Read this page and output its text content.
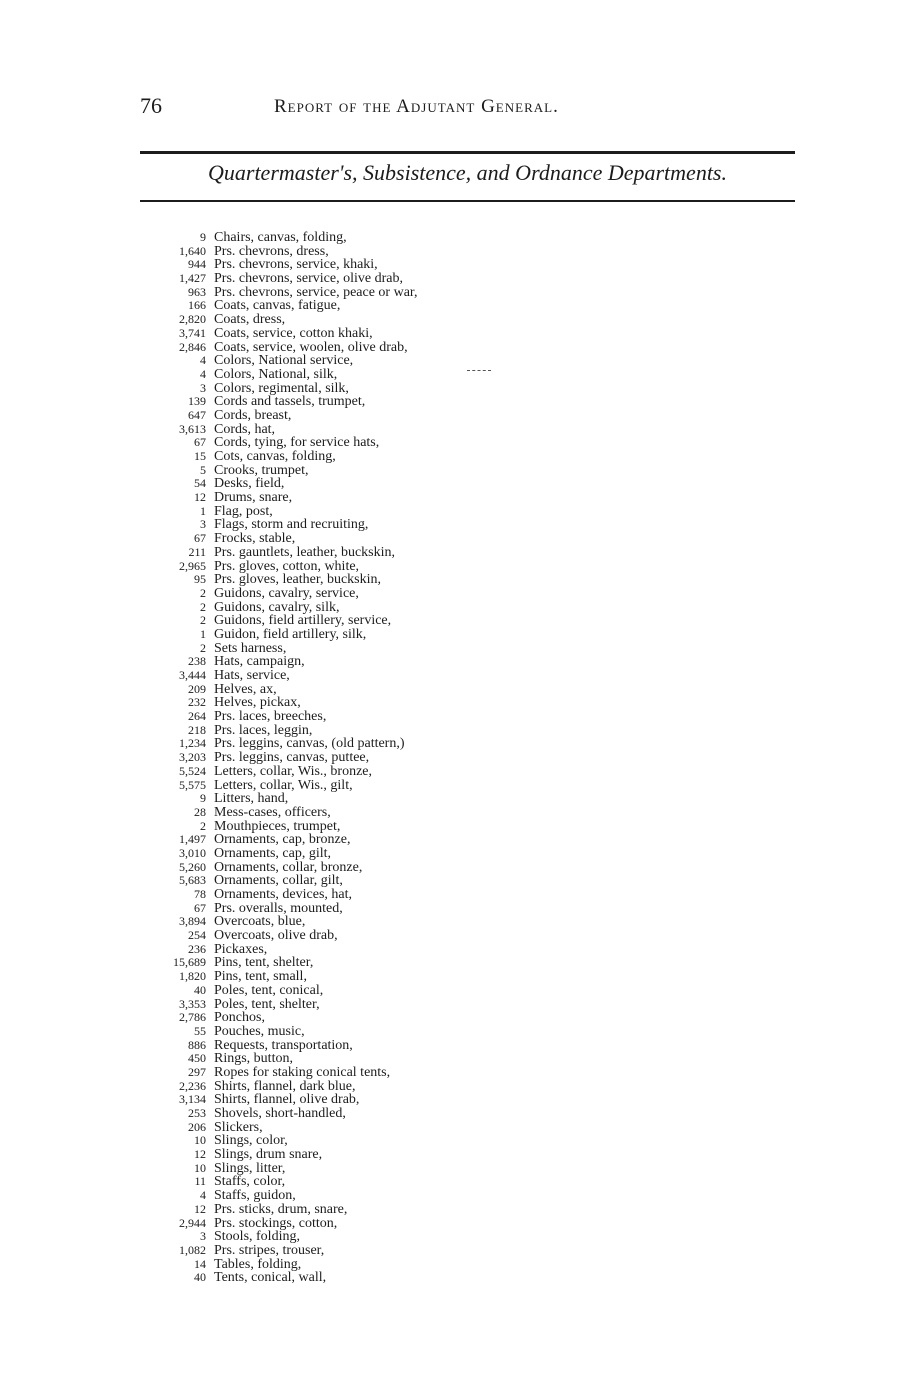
76	Report of the Adjutant General.
Quartermaster's, Subsistence, and Ordnance Departments.
9 Chairs, canvas, folding,
1,640 Prs. chevrons, dress,
944 Prs. chevrons, service, khaki,
1,427 Prs. chevrons, service, olive drab,
963 Prs. chevrons, service, peace or war,
166 Coats, canvas, fatigue,
2,820 Coats, dress,
3,741 Coats, service, cotton khaki,
2,846 Coats, service, woolen, olive drab,
4 Colors, National service,
4 Colors, National, silk,
3 Colors, regimental, silk,
139 Cords and tassels, trumpet,
647 Cords, breast,
3,613 Cords, hat,
67 Cords, tying, for service hats,
15 Cots, canvas, folding,
5 Crooks, trumpet,
54 Desks, field,
12 Drums, snare,
1 Flag, post,
3 Flags, storm and recruiting,
67 Frocks, stable,
211 Prs. gauntlets, leather, buckskin,
2,965 Prs. gloves, cotton, white,
95 Prs. gloves, leather, buckskin,
2 Guidons, cavalry, service,
2 Guidons, cavalry, silk,
2 Guidons, field artillery, service,
1 Guidon, field artillery, silk,
2 Sets harness,
238 Hats, campaign,
3,444 Hats, service,
209 Helves, ax,
232 Helves, pickax,
264 Prs. laces, breeches,
218 Prs. laces, leggin,
1,234 Prs. leggins, canvas, (old pattern,)
3,203 Prs. leggins, canvas, puttee,
5,524 Letters, collar, Wis., bronze,
5,575 Letters, collar, Wis., gilt,
9 Litters, hand,
28 Mess-cases, officers,
2 Mouthpieces, trumpet,
1,497 Ornaments, cap, bronze,
3,010 Ornaments, cap, gilt,
5,260 Ornaments, collar, bronze,
5,683 Ornaments, collar, gilt,
78 Ornaments, devices, hat,
67 Prs. overalls, mounted,
3,894 Overcoats, blue,
254 Overcoats, olive drab,
236 Pickaxes,
15,689 Pins, tent, shelter,
1,820 Pins, tent, small,
40 Poles, tent, conical,
3,353 Poles, tent, shelter,
2,786 Ponchos,
55 Pouches, music,
886 Requests, transportation,
450 Rings, button,
297 Ropes for staking conical tents,
2,236 Shirts, flannel, dark blue,
3,134 Shirts, flannel, olive drab,
253 Shovels, short-handled,
206 Slickers,
10 Slings, color,
12 Slings, drum snare,
10 Slings, litter,
11 Staffs, color,
4 Staffs, guidon,
12 Prs. sticks, drum, snare,
2,944 Prs. stockings, cotton,
3 Stools, folding,
1,082 Prs. stripes, trouser,
14 Tables, folding,
40 Tents, conical, wall,
